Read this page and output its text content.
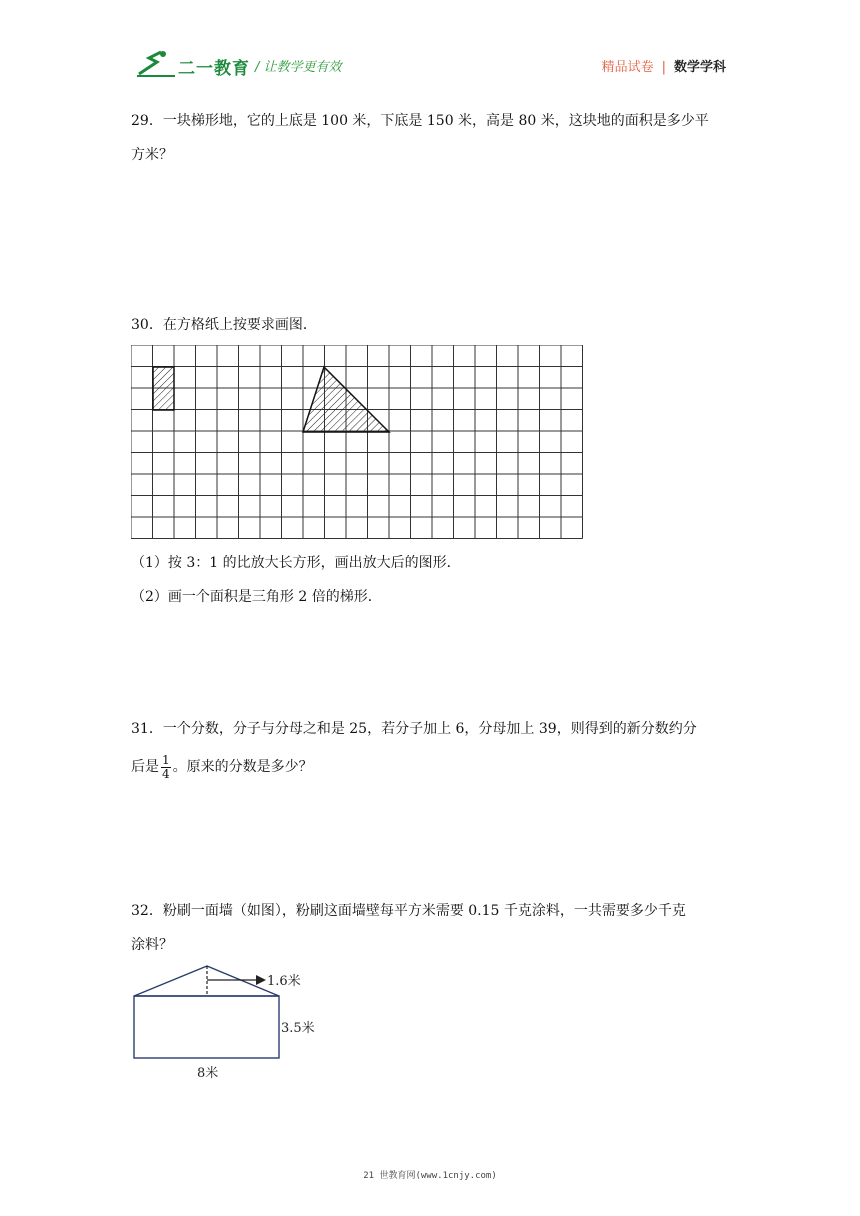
二一教育 / 让教学更有效	精品试卷 | 数学学科
29．一块梯形地，它的上底是 100 米，下底是 150 米，高是 80 米，这块地的面积是多少平
方米？
30．在方格纸上按要求画图．
（1）按 3：1 的比放大长方形，画出放大后的图形．
（2）画一个面积是三角形 2 倍的梯形．
31．一个分数，分子与分母之和是 25，若分子加上 6，分母加上 39，则得到的新分数约分
后是 $\frac{1}{4}$ 。原来的分数是多少？
32．粉刷一面墙（如图），粉刷这面墙壁每平方米需要 0.15 千克涂料，一共需要多少千克
涂料？
1.6米
3.5米
8米
21 世教育网(www.1cnjy.com)
